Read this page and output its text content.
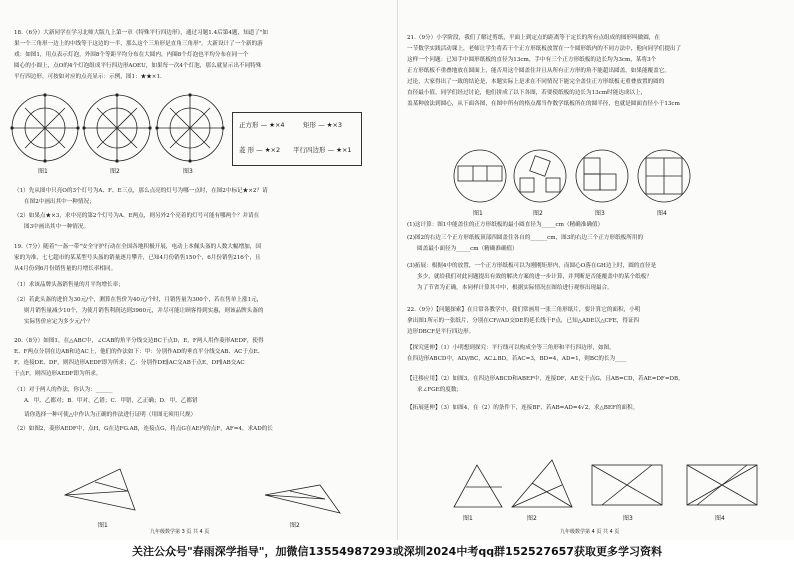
18.（6分）大新同学在学习北师大版九上第一章《特殊平行四边形》，通过习题1.4后第4题，知道了"如
果一个三角形一边上的中线等于这边的一半，那么这个三角形是直角三角形"。大新设计了一个新的游
戏：如图1，用点表示灯泡，外围8个等距平均分布在大圆内，内圈8个灯泡也平均分布在同一个
圆心的小圆上，点O的4个灯泡组成平行四边形AOEU，如果每一次4个灯泡，那么就显示出不同特殊
平行四边形，可按如对应的点亮显示：示例，图1：★★×1.
（1）先从图中只亮O的3个灯号为A、F、E三点，那么点亮的灯号为哪一点时，在图2中标记★×2？请
在图2中画出其中一种情况；
（2）如果点★×3，求中亮的第2个灯号为A、E两点，则另外2个亮着的灯号可能有哪两个？并请在
图3中画出其中一种情况。
19.（7分）随着"一盔一带"安全守护行动在全国各地积极开展，电动上本佩头盔的人数大幅增加，国
家的为准，七七超市的某某型号头盔的销量逐月攀升，已知4月份销售150个，6月份销售216个，且
从4月份到6月份销售量的月增长率相同。
（1）求该品牌头盔销售量的月平均增长率；
（2）若此头盔的进价为30元/个，测算在售价为40元/个时，月销售量为300个，若在售单上涨1元，
则月销售量减少10个，为使月销售利润达到3960元，并尽可能让顾客得到实惠，则该品牌头盔的
实际售价应定为多少元/个？
20.（8分）如图1，在△ABC中，∠CAB的角平分线交边BC于点D，E，F两人用作菱形AEDF，使得
E、F两点分别在边AB和边AC上，他们的作法如下：甲：分别作AD的垂直平分线交AB、AC于点E、
F，连接DE、DF，则四边形AEDF即为所求；乙：分别作DE∥AC交AB于点E，DF∥AB交AC
于点F，则四边形AEDF即为所求。
（1）对于两人的作法，你认为：______
A．甲、乙都对；B．甲对，乙错；C．甲错，乙正确；D．甲、乙都错
请你选择一种可使△中作认为正确的作法进行证明（用图无须用尺规）
（2）如图2，菱形AEDF中，点H，G在边FG.AB，连接点G，将点G在AE内的点F，AF=4，求AD的长
图1	图2	图3
正方形 — ★×4	矩形 — ★×3
菱 形 — ★×2 平行四边形 — ★×1
图1	图2
九年级数学第 3 页 共 4 页
21.（9分）小学阶段，我们了解过剪纸，平面上到定点的距离等于定长的所有点组成的图形叫做圆，在
一节数学实践活动课上，老师让学生将若干个正方形纸板放置在一个圆形纸内的不同方法中，他向同学们提出了
这样一个问题：已知手中圆形纸板的直径为13cm，手中有三个正方形纸板的边长均为3cm，某将3个
正方形纸板不重叠地放在圆面上，能否用这个圆盖住并且从所有正方形的角不能超出圆盖，如果能覆盖它。
过论，大家得出了一致的结论是，本题实际上是求在不同情况下能完全盖住正方形纸板无重叠放置的圆的
直径最小值。同学们经过讨论，他们拼成了以下各图，若要使纸板的边长为13cm时能达成以上，
盖某种放法到圆心，从下面各图，在图中所有的格点都当作数学纸板所在的圆半径，也就是圆面直径小于13cm
(1)这计算：图1中能盖住的正方形纸板的最小圆直径为_____cm（精确准确值）
(2)图2的右边三个正方形纸板顶部四圆盖住各自的______cm，图3的右边三个正方形纸板所用的
圆盖最小面径为_____cm（精确准确值）
(3)拓展：根据4中的放置，一个正方形纸板可以为刚刚矩形内，而圆心O落在GH边上时，圆的直径是
多少，就给我们对此问题提出有效的解决方案的进一步计算，并判断是否能覆盖中的某个纸板？
为了节省为正确，本同样计算其中中，根据实际情况在图给进行观察出现最合。
22.（9分）【问题探索】在日常各教学中，我们常画用一张三角形纸片，要计算它的面积，小明
拿出图1所示的一张纸片，分别在CF//AD交DE的延长线于F点，已知△ADE以△CFE，得证四
边形DBCF是平行四边形。
【探究延伸】（1）小明想到探究：平行线可以构成全等三角形和平行四边形，如图，
在四边形ABCD中，AD//BC，AC⊥BD，若AC=3，BD=4，AD=1，则BC的长为____
【迁移应用】（2）如图3，在四边形ABCD和ABEF中，连接DF，AE交于点G，且AB=CD，若AE=DF=DB，
求∠FGE的度数；
【拓展延伸】（3）如图4，在（2）的条件下，连接BF，若AB=AD=4√2，求△BEF的面积。
图1	图2	图3	图4
图1	图2	图3	图4
九年级数学第 4 页 共 4 页
关注公众号"春雨深学指导"，加微信13554987293或深圳2024中考qq群152527657获取更多学习资料
